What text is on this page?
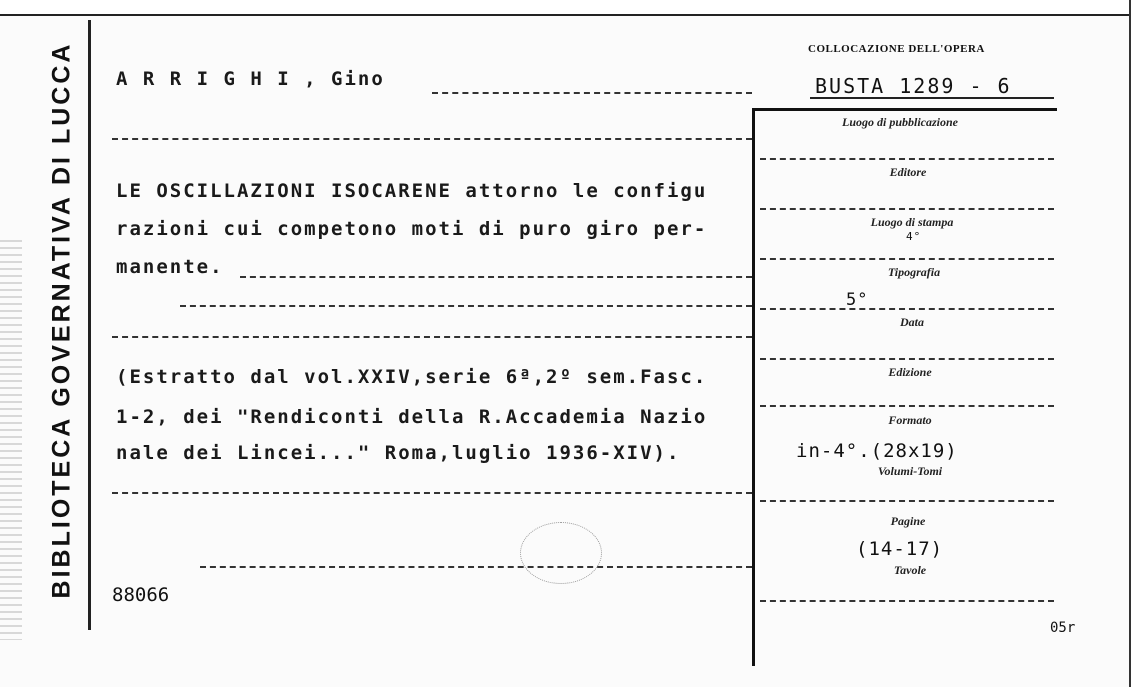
BIBLIOTECA GOVERNATIVA DI LUCCA A R R I G H I , Gino
LE OSCILLAZIONI ISOCARENE attorno le configu
razioni cui competono moti di puro giro per-
manente.
(Estratto dal vol.XXIV,serie 6ª,2º sem.Fasc.
1-2, dei "Rendiconti della R.Accademia Nazio
nale dei Lincei..." Roma,luglio 1936-XIV).
88066
COLLOCAZIONE DELL'OPERA
BUSTA 1289 - 6
Luogo di pubblicazione
Editore
Luogo di stampa
4°
Tipografia
5°
Data
Edizione
Formato
in-4°.(28x19)
Volumi-Tomi
Pagine
(14-17)
Tavole
05r
